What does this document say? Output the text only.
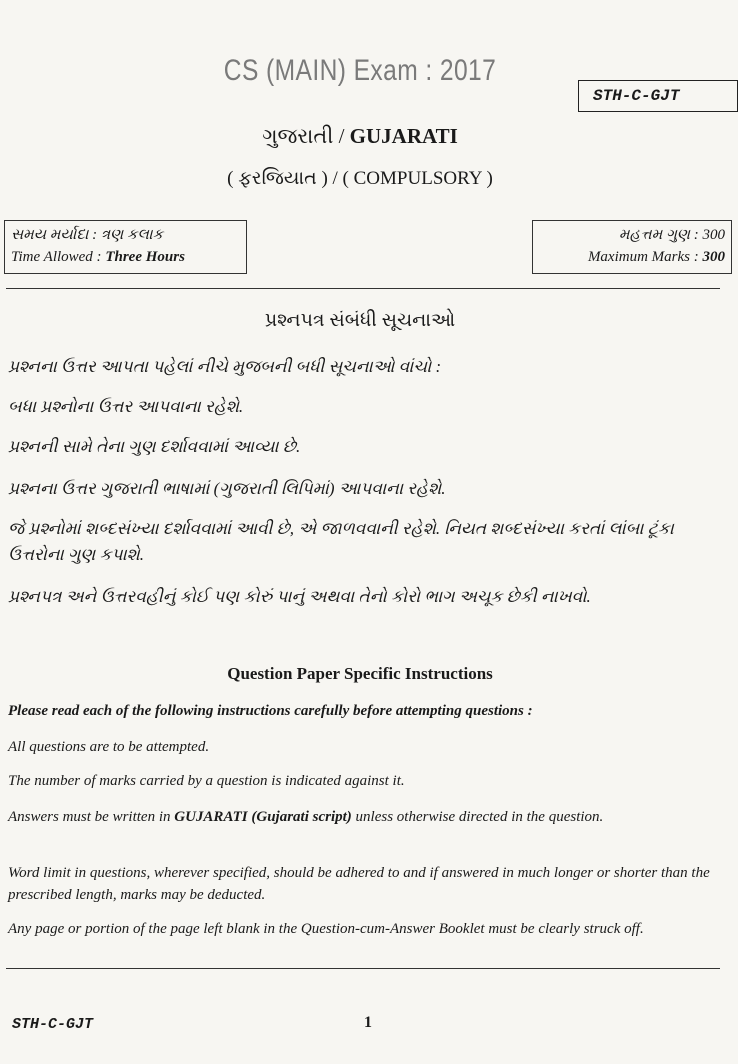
CS (MAIN) Exam : 2017
STH-C-GJT
ગુજરાતી / GUJARATI
( ફરજિયાત ) / ( COMPULSORY )
સમય મર્યાદા : ત્રણ કલાક
Time Allowed : Three Hours
મહત્તમ ગુણ : 300
Maximum Marks : 300
પ્રશ્નપત્ર સંબંધી સૂચનાઓ
પ્રશ્નના ઉત્તર આપતા પહેલાં નીચે મુજબની બધી સૂચનાઓ વાંચો :
બધા પ્રશ્નોના ઉત્તર આપવાના રહેશે.
પ્રશ્નની સામે તેના ગુણ દર્શાવવામાં આવ્યા છે.
પ્રશ્નના ઉત્તર ગુજરાતી ભાષામાં (ગુજરાતી લિપિમાં) આપવાના રહેશે.
જે પ્રશ્નોમાં શબ્દસંખ્યા દર્શાવવામાં આવી છે, એ જાળવવાની રહેશે. નિયત શબ્દસંખ્યા કરતાં લાંબા ટૂંકા ઉત્તરોના ગુણ કપાશે.
પ્રશ્નપત્ર અને ઉત્તરવહીનું કોઈ પણ કોરું પાનું અથવા તેનો કોરો ભાગ અચૂક છેકી નાખવો.
Question Paper Specific Instructions
Please read each of the following instructions carefully before attempting questions :
All questions are to be attempted.
The number of marks carried by a question is indicated against it.
Answers must be written in GUJARATI (Gujarati script) unless otherwise directed in the question.
Word limit in questions, wherever specified, should be adhered to and if answered in much longer or shorter than the prescribed length, marks may be deducted.
Any page or portion of the page left blank in the Question-cum-Answer Booklet must be clearly struck off.
STH-C-GJT	1
